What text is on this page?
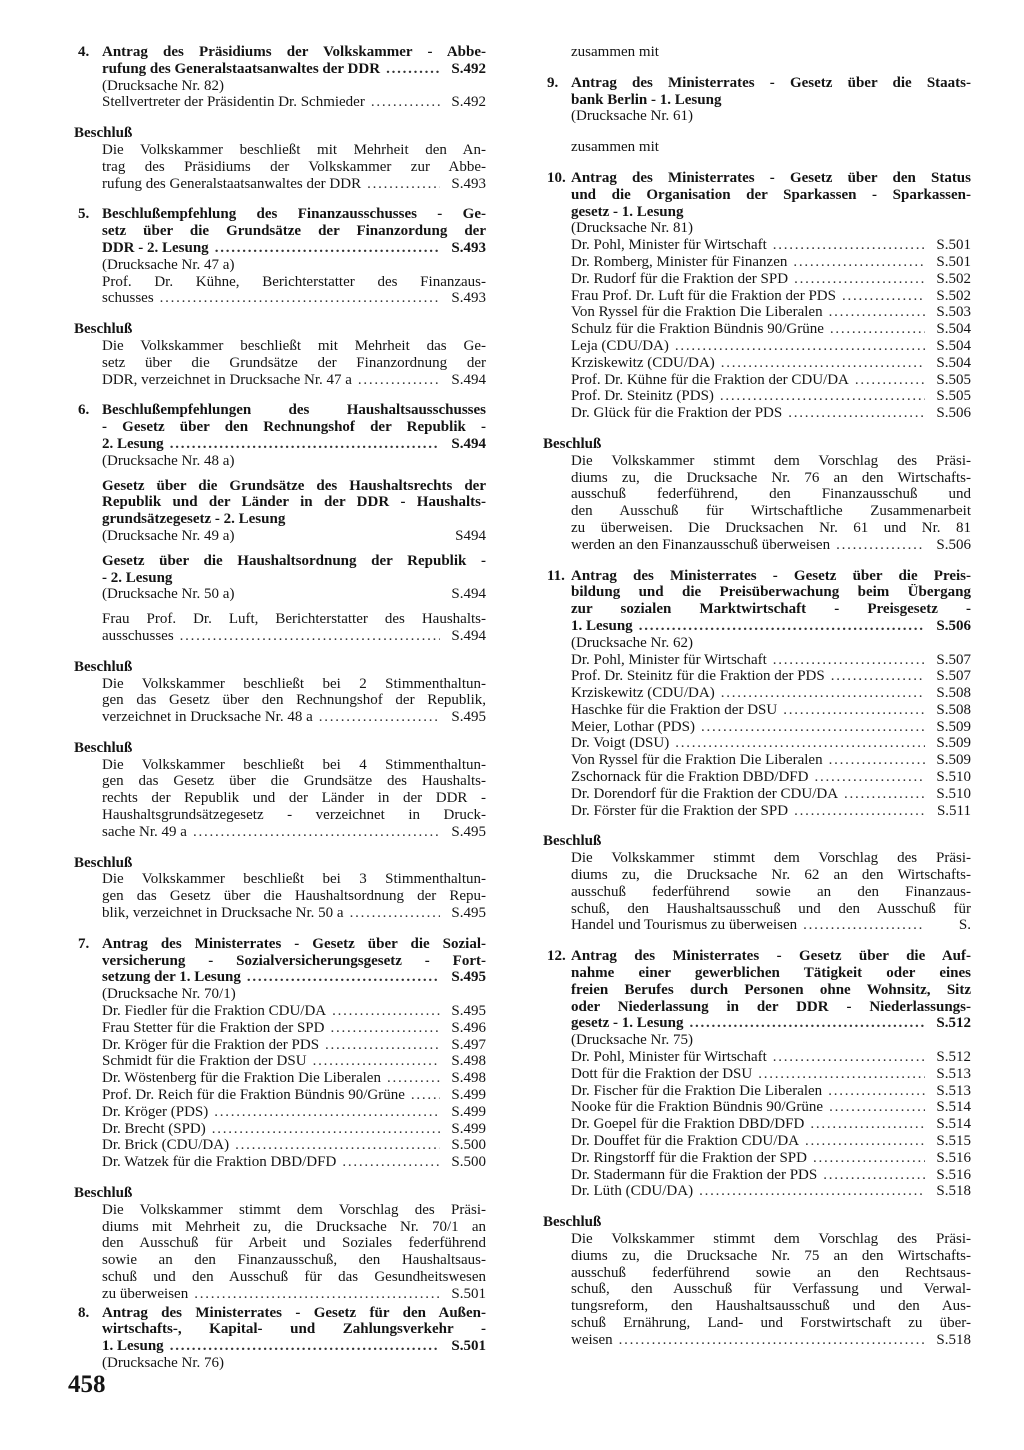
4. Antrag des Präsidiums der Volkskammer - Abbe-
rufung des Generalstaatsanwaltes der DDR . . .	S.492
(Drucksache Nr. 82)
Stellvertreter der Präsidentin Dr. Schmieder . . .	S.492
Beschluß
Die Volkskammer beschließt mit Mehrheit den An-
trag des Präsidiums der Volkskammer zur Abbe-
rufung des Generalstaatsanwaltes der DDR . . .	S.493
5. Beschlußempfehlung des Finanzausschusses - Ge-
setz über die Grundsätze der Finanzordung der
DDR - 2. Lesung . . .	S.493
(Drucksache Nr. 47 a)
Prof. Dr. Kühne, Berichterstatter des Finanzaus-
schusses . . .	S.493
Beschluß
Die Volkskammer beschließt mit Mehrheit das Ge-
setz über die Grundsätze der Finanzordnung der
DDR, verzeichnet in Drucksache Nr. 47 a . . .	S.494
6. Beschlußempfehlungen des Haushaltsausschusses
- Gesetz über den Rechnungshof der Republik -
2. Lesung . . .	S.494
(Drucksache Nr. 48 a)
Gesetz über die Grundsätze des Haushaltsrechts der
Republik und der Länder in der DDR - Haushalts-
grundsätzegesetz - 2. Lesung
(Drucksache Nr. 49 a)	S494
Gesetz über die Haushaltsordnung der Republik -
- 2. Lesung
(Drucksache Nr. 50 a)	S.494
Frau Prof. Dr. Luft, Berichterstatter des Haushalts-
ausschusses . . .	S.494
Beschluß
Die Volkskammer beschließt bei 2 Stimmenthaltun-
gen das Gesetz über den Rechnungshof der Republik,
verzeichnet in Drucksache Nr. 48 a . . .	S.495
Beschluß
Die Volkskammer beschließt bei 4 Stimmenthaltun-
gen das Gesetz über die Grundsätze des Haushalts-
rechts der Republik und der Länder in der DDR -
Haushaltsgrundsätzegesetz - verzeichnet in Druck-
sache Nr. 49 a . . .	S.495
Beschluß
Die Volkskammer beschließt bei 3 Stimmenthaltun-
gen das Gesetz über die Haushaltsordnung der Repu-
blik, verzeichnet in Drucksache Nr. 50 a . . .	S.495
7. Antrag des Ministerrates - Gesetz über die Sozial-
versicherung - Sozialversicherungsgesetz - Fort-
setzung der 1. Lesung . . .	S.495
(Drucksache Nr. 70/1)
Dr. Fiedler für die Fraktion CDU/DA . . .	S.495
Frau Stetter für die Fraktion der SPD . . .	S.496
Dr. Kröger für die Fraktion der PDS . . .	S.497
Schmidt für die Fraktion der DSU . . .	S.498
Dr. Wöstenberg für die Fraktion Die Liberalen . . .	S.498
Prof. Dr. Reich für die Fraktion Bündnis 90/Grüne . . .	S.499
Dr. Kröger (PDS) . . .	S.499
Dr. Brecht (SPD) . . .	S.499
Dr. Brick (CDU/DA) . . .	S.500
Dr. Watzek für die Fraktion DBD/DFD . . .	S.500
Beschluß
Die Volkskammer stimmt dem Vorschlag des Präsi-
diums mit Mehrheit zu, die Drucksache Nr. 70/1 an
den Ausschuß für Arbeit und Soziales federführend
sowie an den Finanzausschuß, den Haushaltsaus-
schuß und den Ausschuß für das Gesundheitswesen
zu überweisen . . .	S.501
8. Antrag des Ministerrates - Gesetz für den Außen-
wirtschafts-, Kapital- und Zahlungsverkehr -
1. Lesung . . .	S.501
(Drucksache Nr. 76)
zusammen mit
9. Antrag des Ministerrates - Gesetz über die Staats-
bank Berlin - 1. Lesung
(Drucksache Nr. 61)
zusammen mit
10. Antrag des Ministerrates - Gesetz über den Status
und die Organisation der Sparkassen - Sparkassen-
gesetz - 1. Lesung
(Drucksache Nr. 81)
Dr. Pohl, Minister für Wirtschaft . . .	S.501
Dr. Romberg, Minister für Finanzen . . .	S.501
Dr. Rudorf für die Fraktion der SPD . . .	S.502
Frau Prof. Dr. Luft für die Fraktion der PDS . . .	S.502
Von Ryssel für die Fraktion Die Liberalen . . .	S.503
Schulz für die Fraktion Bündnis 90/Grüne . . .	S.504
Leja (CDU/DA) . . .	S.504
Krziskewitz (CDU/DA) . . .	S.504
Prof. Dr. Kühne für die Fraktion der CDU/DA . . .	S.505
Prof. Dr. Steinitz (PDS) . . .	S.505
Dr. Glück für die Fraktion der PDS . . .	S.506
Beschluß
Die Volkskammer stimmt dem Vorschlag des Präsi-
diums zu, die Drucksache Nr. 76 an den Wirtschafts-
ausschuß federführend, den Finanzausschuß und
den Ausschuß für Wirtschaftliche Zusammenarbeit
zu überweisen. Die Drucksachen Nr. 61 und Nr. 81
werden an den Finanzausschuß überweisen . . .	S.506
11. Antrag des Ministerrates - Gesetz über die Preis-
bildung und die Preisüberwachung beim Übergang
zur sozialen Marktwirtschaft - Preisgesetz -
1. Lesung . . .	S.506
(Drucksache Nr. 62)
Dr. Pohl, Minister für Wirtschaft . . .	S.507
Prof. Dr. Steinitz für die Fraktion der PDS . . .	S.507
Krziskewitz (CDU/DA) . . .	S.508
Haschke für die Fraktion der DSU . . .	S.508
Meier, Lothar (PDS) . . .	S.509
Dr. Voigt (DSU) . . .	S.509
Von Ryssel für die Fraktion Die Liberalen . . .	S.509
Zschornack für die Fraktion DBD/DFD . . .	S.510
Dr. Dorendorf für die Fraktion der CDU/DA . . .	S.510
Dr. Förster für die Fraktion der SPD . . .	S.511
Beschluß
Die Volkskammer stimmt dem Vorschlag des Präsi-
diums zu, die Drucksache Nr. 62 an den Wirtschafts-
ausschuß federführend sowie an den Finanzaus-
schuß, den Haushaltsausschuß und den Ausschuß für
Handel und Tourismus zu überweisen . . .	S.
12. Antrag des Ministerrates - Gesetz über die Auf-
nahme einer gewerblichen Tätigkeit oder eines
freien Berufes durch Personen ohne Wohnsitz, Sitz
oder Niederlassung in der DDR - Niederlassungs-
gesetz - 1. Lesung . . .	S.512
(Drucksache Nr. 75)
Dr. Pohl, Minister für Wirtschaft . . .	S.512
Dott für die Fraktion der DSU . . .	S.513
Dr. Fischer für die Fraktion Die Liberalen . . .	S.513
Nooke für die Fraktion Bündnis 90/Grüne . . .	S.514
Dr. Goepel für die Fraktion DBD/DFD . . .	S.514
Dr. Douffet für die Fraktion CDU/DA . . .	S.515
Dr. Ringstorff für die Fraktion der SPD . . .	S.516
Dr. Stadermann für die Fraktion der PDS . . .	S.516
Dr. Lüth (CDU/DA) . . .	S.518
Beschluß
Die Volkskammer stimmt dem Vorschlag des Präsi-
diums zu, die Drucksache Nr. 75 an den Wirtschafts-
ausschuß federführend sowie an den Rechtsaus-
schuß, den Ausschuß für Verfassung und Verwal-
tungsreform, den Haushaltsausschuß und den Aus-
schuß Ernährung, Land- und Forstwirtschaft zu über-
weisen . . .	S.518
458
